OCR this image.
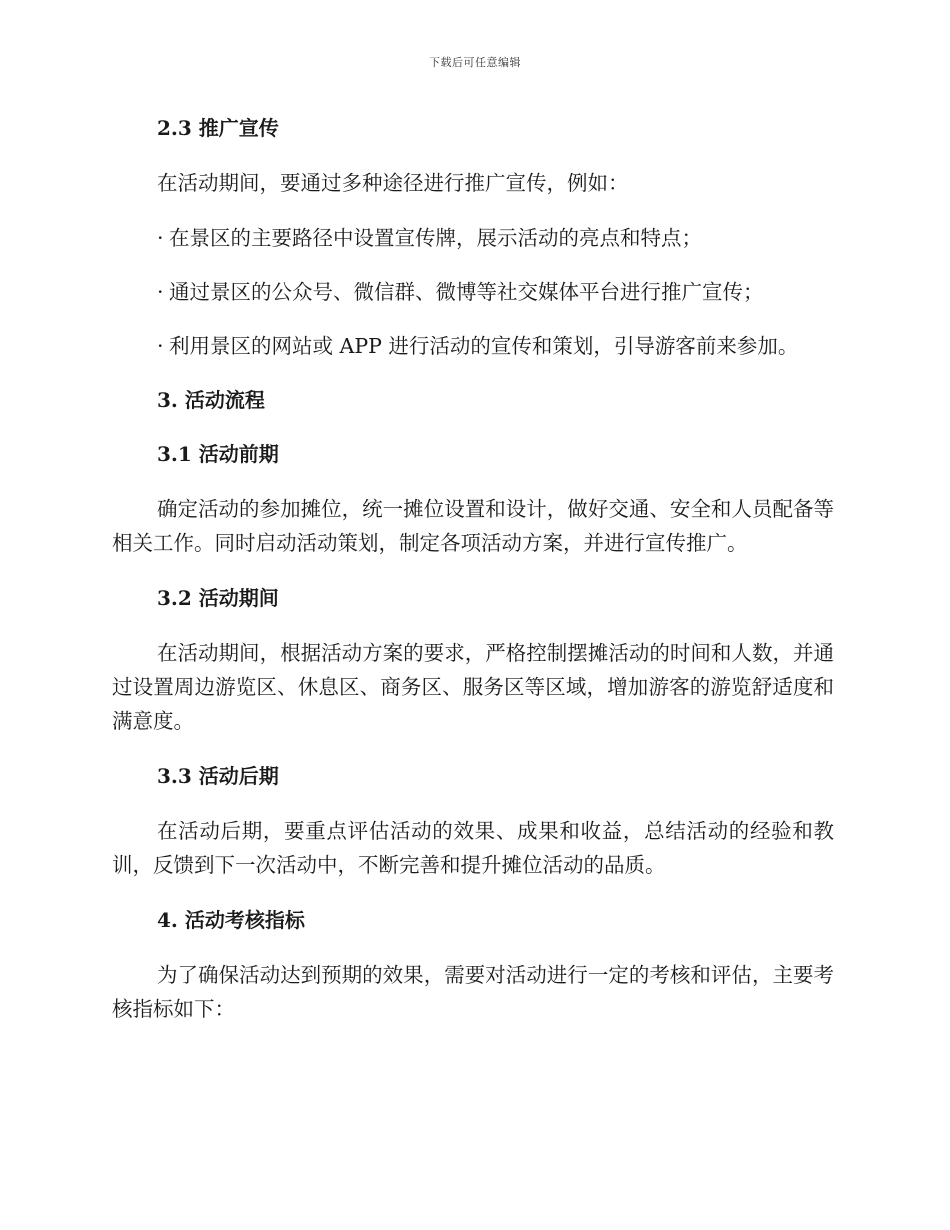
下载后可任意编辑
2.3 推广宣传
在活动期间，要通过多种途径进行推广宣传，例如：
· 在景区的主要路径中设置宣传牌，展示活动的亮点和特点；
· 通过景区的公众号、微信群、微博等社交媒体平台进行推广宣传；
· 利用景区的网站或 APP 进行活动的宣传和策划，引导游客前来参加。
3. 活动流程
3.1 活动前期
确定活动的参加摊位，统一摊位设置和设计，做好交通、安全和人员配备等相关工作。同时启动活动策划，制定各项活动方案，并进行宣传推广。
3.2 活动期间
在活动期间，根据活动方案的要求，严格控制摆摊活动的时间和人数，并通过设置周边游览区、休息区、商务区、服务区等区域，增加游客的游览舒适度和满意度。
3.3 活动后期
在活动后期，要重点评估活动的效果、成果和收益，总结活动的经验和教训，反馈到下一次活动中，不断完善和提升摊位活动的品质。
4. 活动考核指标
为了确保活动达到预期的效果，需要对活动进行一定的考核和评估，主要考核指标如下：
